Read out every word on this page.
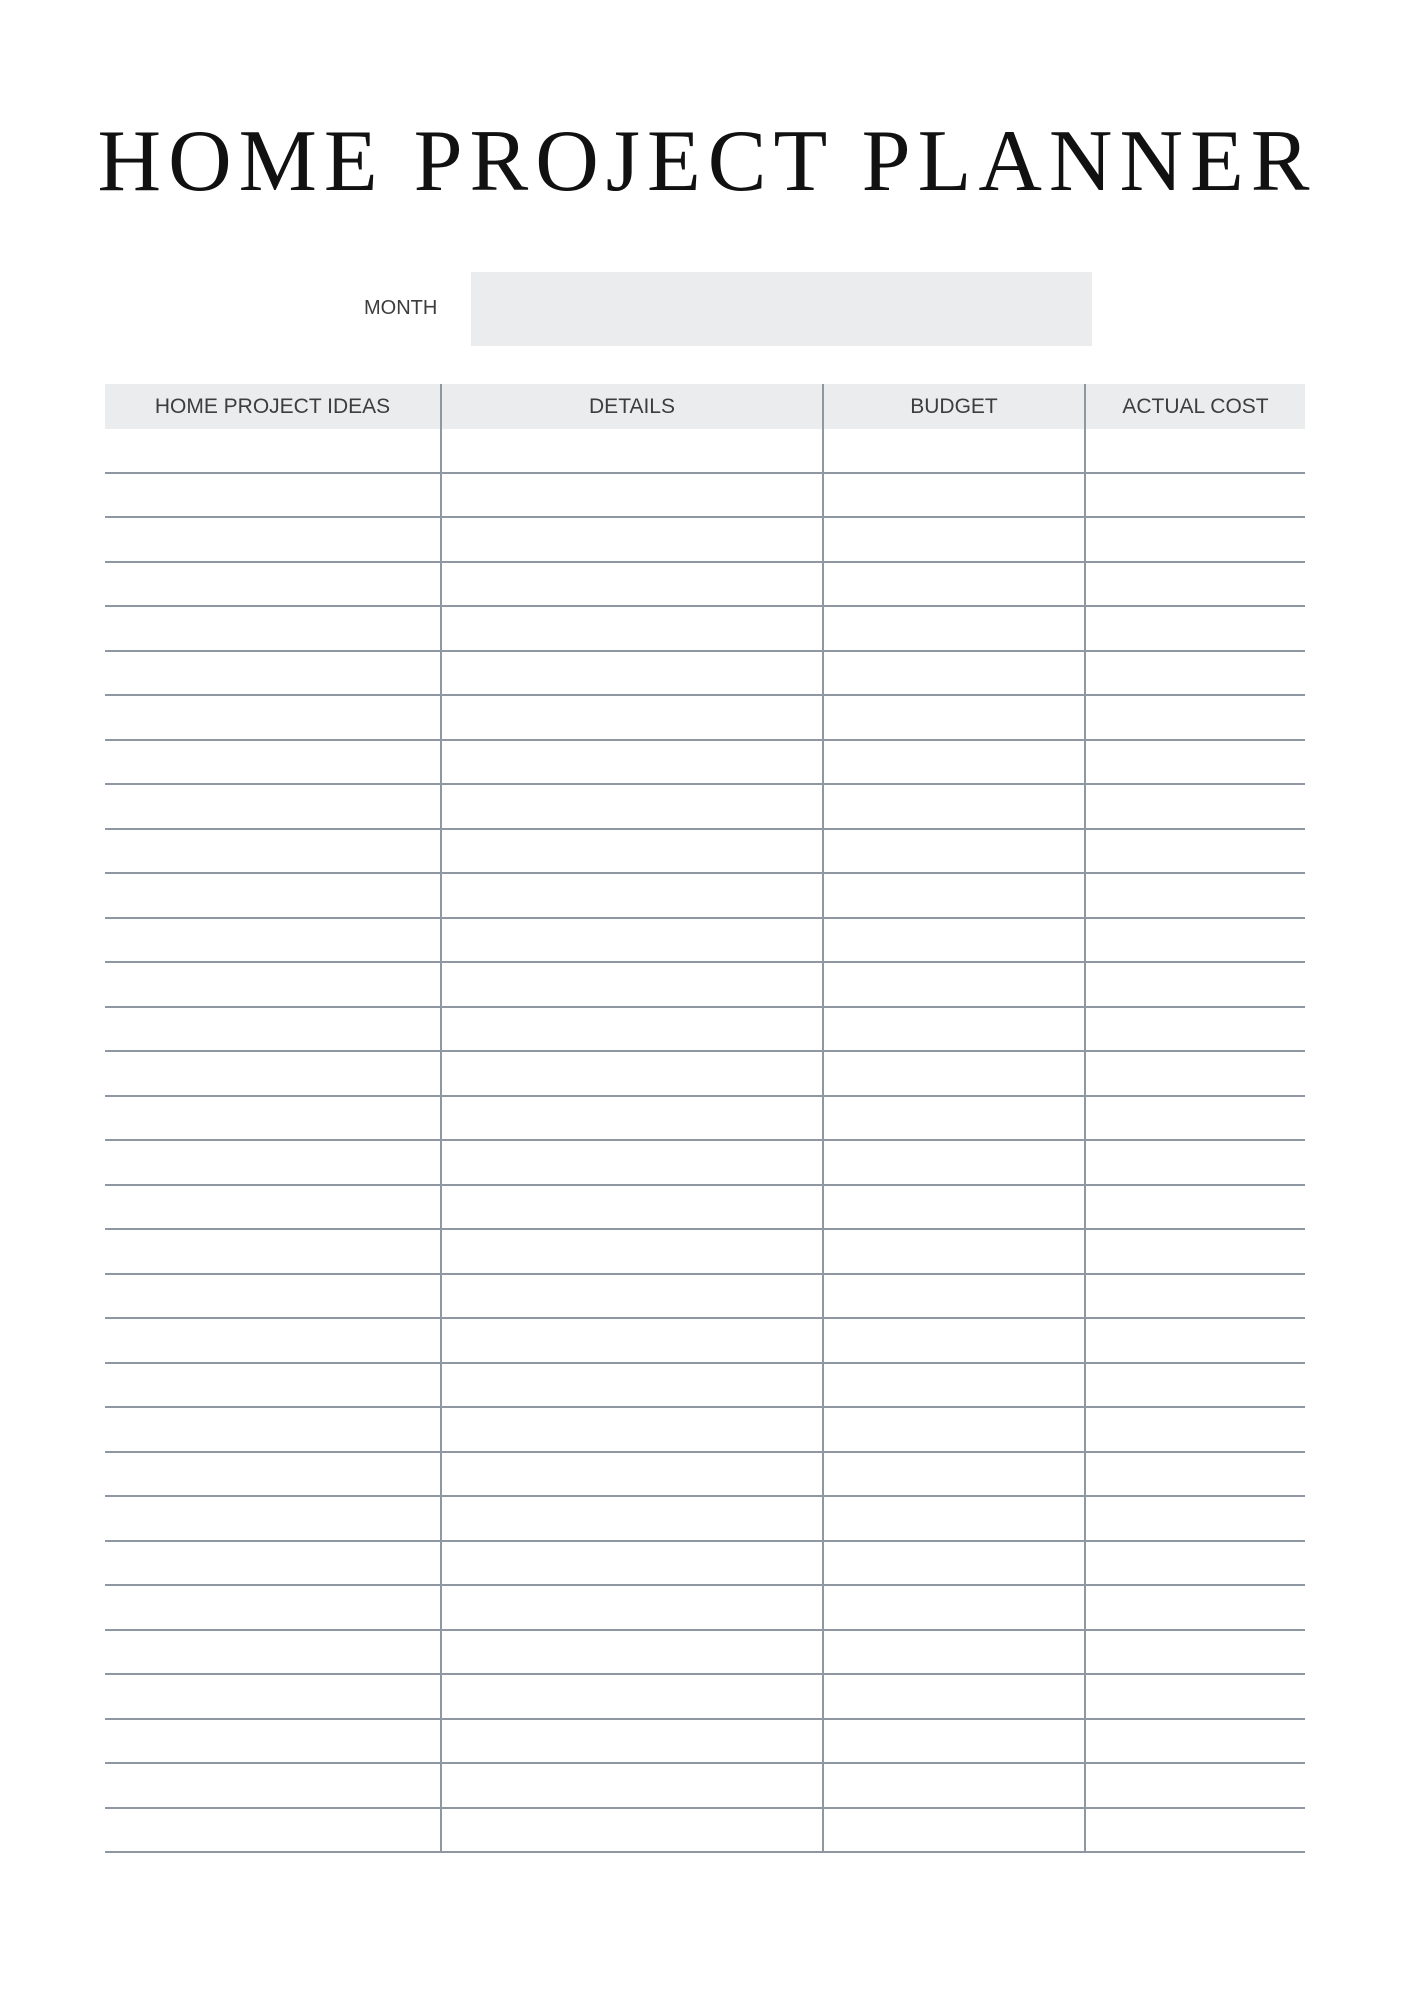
HOME PROJECT PLANNER
MONTH
HOME PROJECT IDEAS	DETAILS	BUDGET	ACTUAL COST
